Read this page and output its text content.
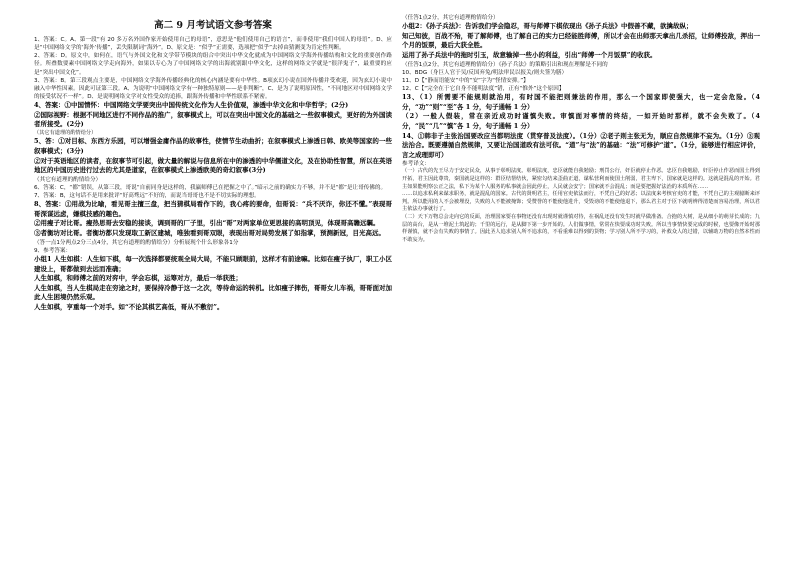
高二 9 月考试语文参考答案

1、答案：C。A、第一段“有 20 多万名外国作家开始使用自己的母语”，意思是“他们使用自己的语言”，而非使用“我们中国人的母语”。D、应是“中国网络文学的‘海外’传播”，丢失限制词“海外”。D、原文是：“似乎”正需要，选项把“似乎”去掉由猜测变为肯定性判断。

2、答案：D。原文中，如何在，语气与外国文化和文学带节模块的组合中突出中华文化就成为中国网络文学海外传播结构和文化的重要创作路径。所叠数要素中国网络文学走向海外，如果以专心为了中国网络文学的出海就别跟中华文化，这样的网络文学就是“很洋鬼子”，最重要的应是“突出中国文化”。

3、答案：B。第三段观点主要是，中国网络文学海外传播经典化的核心内涵是要有中华性。B项玄幻小说在国外传播并受欢迎，因为玄幻小说中融入中华性因素。因此可证第三段。A、为说明“中国网络文学有一种独特原则——是非判断”，C、是为了说明原因性，“不同地区对中国网络文学的接受状况不一样”。D、是说明网络文学对女性受众的追捧，跟海外传播和中华性联系不紧密。

4、答案：①中国情怀：中国网络文学要突出中国传统文化作为人生价值观，渗透中华文化和中华哲学；(2分)

②国际视野：根据不同地区进行不同作品的推广，叙事模式上，可以在突出中国文化的基础之一些叙事模式，更好的为外国读者所接受。(2分)

（其它有道理的酌情给分）

5、答：①对目标、东西方乐园，可以增强金庸作品的故事性，使情节生动曲折；在叙事模式上渗透日韩、欧美等国家的一些叙事模式；(3分)

②对于英语地区的读者，在叙事节可引起，做大量的解说与信息所在中的渗透的中华儒道文化，及在协助性智慧，所以在英语地区的中国历史进行过去的尤其是道家，在叙事模式上渗透欧美的奇幻叙事(3分)

（其它有道理的酌情给分）

6、答案：C，“都”错误，从第三段，哥说“自前同身是这样的，我赢师傅已在把握之中了。”暗示之前的确实力不够，并不是“都”是让哥传佛的。

7、答案：B，这句话不是用来批评“好高骛远”不好的，而说当哥哥也不是不切实际的理想。

8、答案：①用战为比喻，看见哥主擅三盘，把当猜棋局看作下的，我心疼的要命，但哥说：“兵不厌诈，你还不懂。”表现哥哥深谋远虑，嫌棋技感的趣色。

②用瘦子对比哥。瘦热思哥去安稳的接谈，调到哥的厂子里，引出“哥”对两家单位更思接的高明顶见，体现哥高瞻远瞩。

③者衡坊对比哥。者衡坊都只发现取工新区建城，唯独看到哥双眼，表现出哥对局势发展了如指掌，预测新冠，目光高远。

（答一点1分两点2分三点4分，其它有道理的酌情给分）分析展现个什么形象各1分

9、参考答案：

小组1 人生如棋：人生如下棋，每一次选择都要统观全局大局，不能只顾眼前，这样才有前途嘛。比如在瘦子执厂，职工小区建设上，哥都做到去远而准确；

人生如棋，和师傅之前的对弈中，学会忘棋，运筹对方，最后一举获胜；

人生如棋，当人生棋局走在穷途之时，要保持冷静于这一之次，等待命运的转机。比如瘦子摔伤，哥哥女儿车祸，哥哥面对加此人生困境仍然乐观。

人生如棋，亨重每一个对手。如“不论其棋艺高低，哥从不敷衍”。

（任答1点2分，其它有道理酌情给分）

小组2：《孙子兵法》：告诉我们学会隐忍，哥与师傅下棋依现出《孙子兵法》中假善不藏，欲擒故纵；

知己知彼，百战不殆，哥了解师傅，也了解自己的实力已经能胜师傅，所以才会在出师那天拿出几杀招，让师傅投敌，押出一个月的饭票，最后大获全胜。

运用了孙子兵法中的拖时引玉，故意输掉一些小的利益，引出“师傅一个月饭票”的收获。

（任答1点2分，其它有道理酌情给分）《孙子兵法》的策略引出和现在理解是不同的

10、BDG（身巨人官于吴/反国弃兔/明法审民以报关/则夫签为膳）

11、D【“静而语能安”中的“安”字为“怪情安抑。”】

12、C【“完全在于它自身不能明法度”错，正有“惟外”这个原因】

13、（1）所需要不能规则就治用，有时国不能把则兼法的作用，那么一个国家即使强大，也一定会危险。（4分，“功”“则”“至”各 1 分，句子通畅 1 分）

（2）一般人假装，常在亲近成功时谨慎失败。审慎面对事情的终结，一如开始时那样，就不会失败了。（4分，“民”“几”“慎”各 1 分，句子通畅 1 分）

14、①韩非子主张治国要改应当都明法度（贯穿普及法度）。（1分）②老子则主张无为，顺应自然规律不妄为。（1分）③观法治合。既要遵循自然规律，又要让治国道政有法可依。“道”与“法”的基础：“法”可修护“道”。（1分，能够进行相应评价，言之成理即可）

参考译文：

（一）古代的先王尽力于安定民众，从事于彰明法度。彰明法度，忠臣就能自我勉励；刑罚公行，奸臣就停止作恶。忠臣自我勉励，奸臣停止作恶而国土得到开拓，君主因此尊贵，秦国就是这样的：群臣结帮结伙，紧密勾结来歪曲正道，谋私营利而使国土削弱，君主卑下，国家就是这样的。这就是混乱的开始。君主如果能明察公正之法，私下为某个人服务的私事就会因此停止，人民就会安宁；国家就不会混乱；而是要把握好法治的本质所在……

……以追求私利来谋求职务，就是混乱的国家。古代的贤明君主，任用官吏依法而行，不凭自己的好恶；以法度来考核官吏的才能，不凭自己的主观臆断来评判。所以能用的人不会被埋没，失败的人不能被掩饰；受赞誉的不能使他进升，受毁谤的不能使他退下，那么君主对于臣下就明辨得清楚而容易治理，所以君主依法办事就行了。

（二）天下万物总会走向它的反面，治理国家要在事物还没有出现时就谨慎对待，在祸乱还没有发生时就早做准备。合抱的大树，是从细小的萌芽长成的；九层的高台，是从一堆泥土筑起的；千里的远行，是从脚下第一步开始的。人们做事情，常常在快要成功时失败。所以当事情快要完成的时候，也要像开始时那样谨慎，就不会有失败的事情了。因此圣人追求别人所不追求的，不看重难以得到的货物；学习别人所不学习的，补救众人的过错，以辅助万物的自然本性而不敢妄为。
